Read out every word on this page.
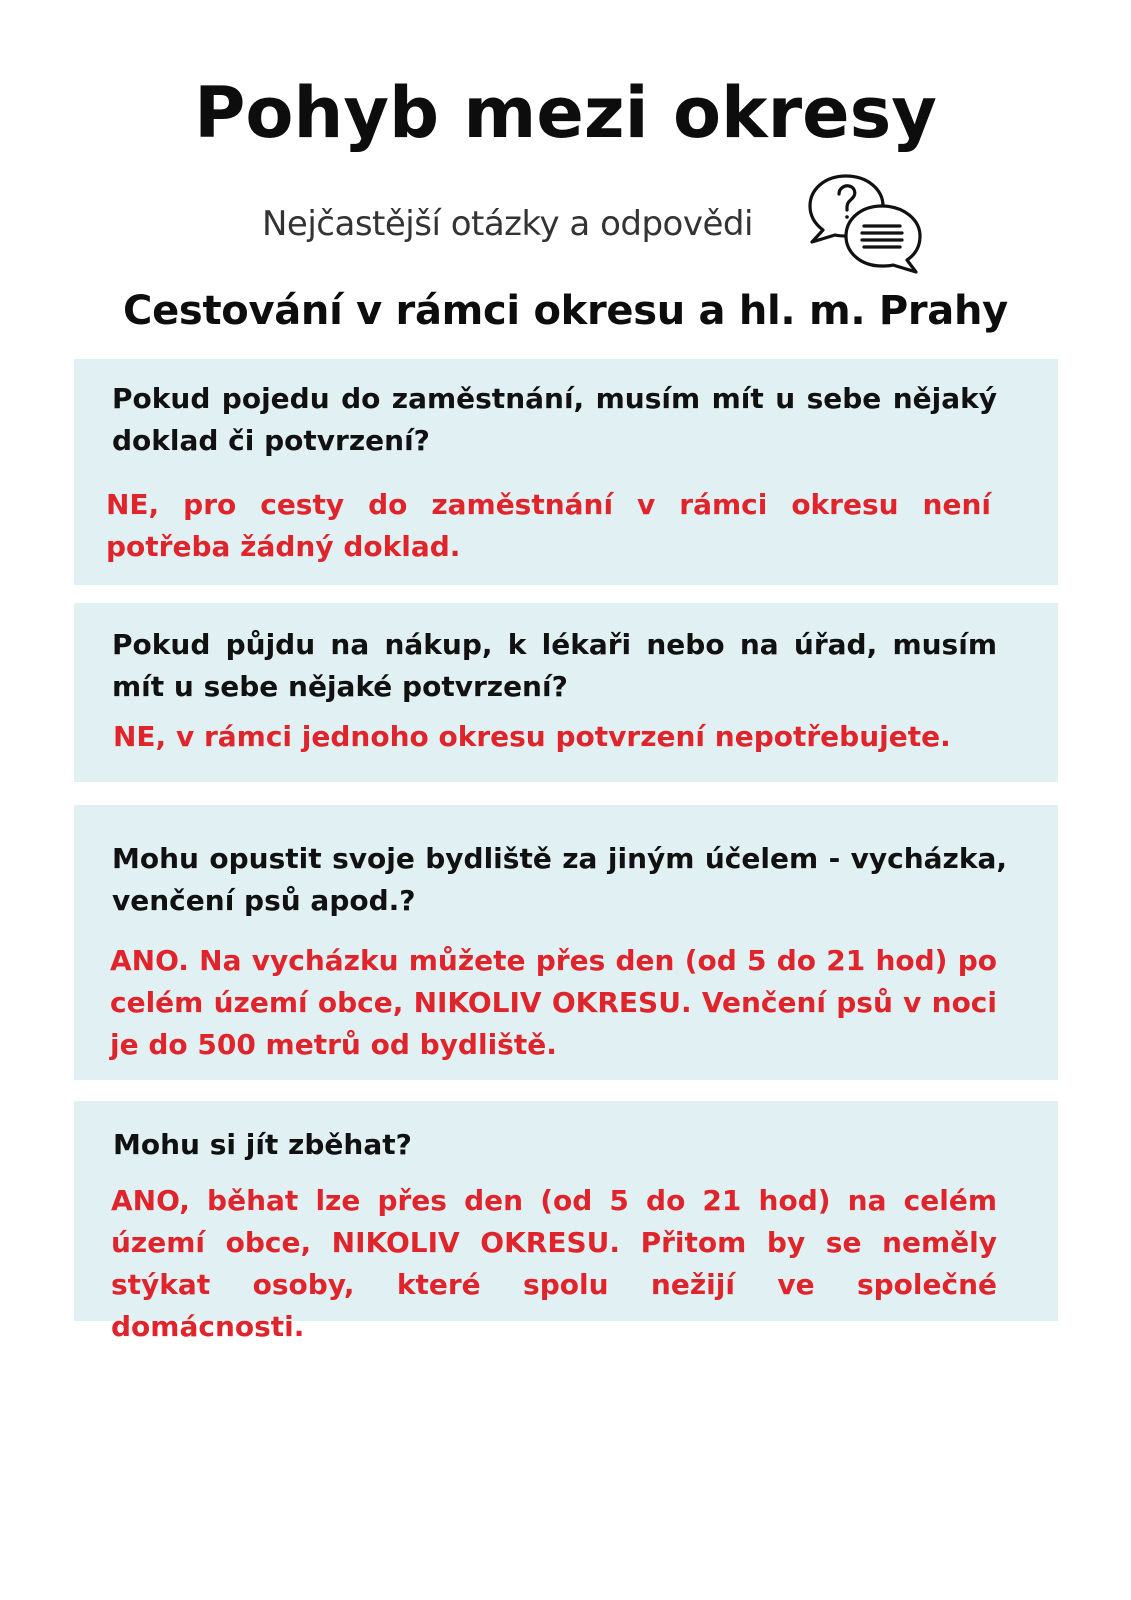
Pohyb mezi okresy
Nejčastější otázky a odpovědi
Cestování v rámci okresu a hl. m. Prahy

Pokud pojedu do zaměstnání, musím mít u sebe nějaký doklad či potvrzení?

NE, pro cesty do zaměstnání v rámci okresu není potřeba žádný doklad.

Pokud půjdu na nákup, k lékaři nebo na úřad, musím mít u sebe nějaké potvrzení?

NE, v rámci jednoho okresu potvrzení nepotřebujete.

Mohu opustit svoje bydliště za jiným účelem - vycházka, venčení psů apod.?

ANO. Na vycházku můžete přes den (od 5 do 21 hod) po celém území obce, NIKOLIV OKRESU. Venčení psů v noci je do 500 metrů od bydliště.

Mohu si jít zběhat?

ANO, běhat lze přes den (od 5 do 21 hod) na celém území obce, NIKOLIV OKRESU. Přitom by se neměly stýkat osoby, které spolu nežijí ve společné domácnosti.
